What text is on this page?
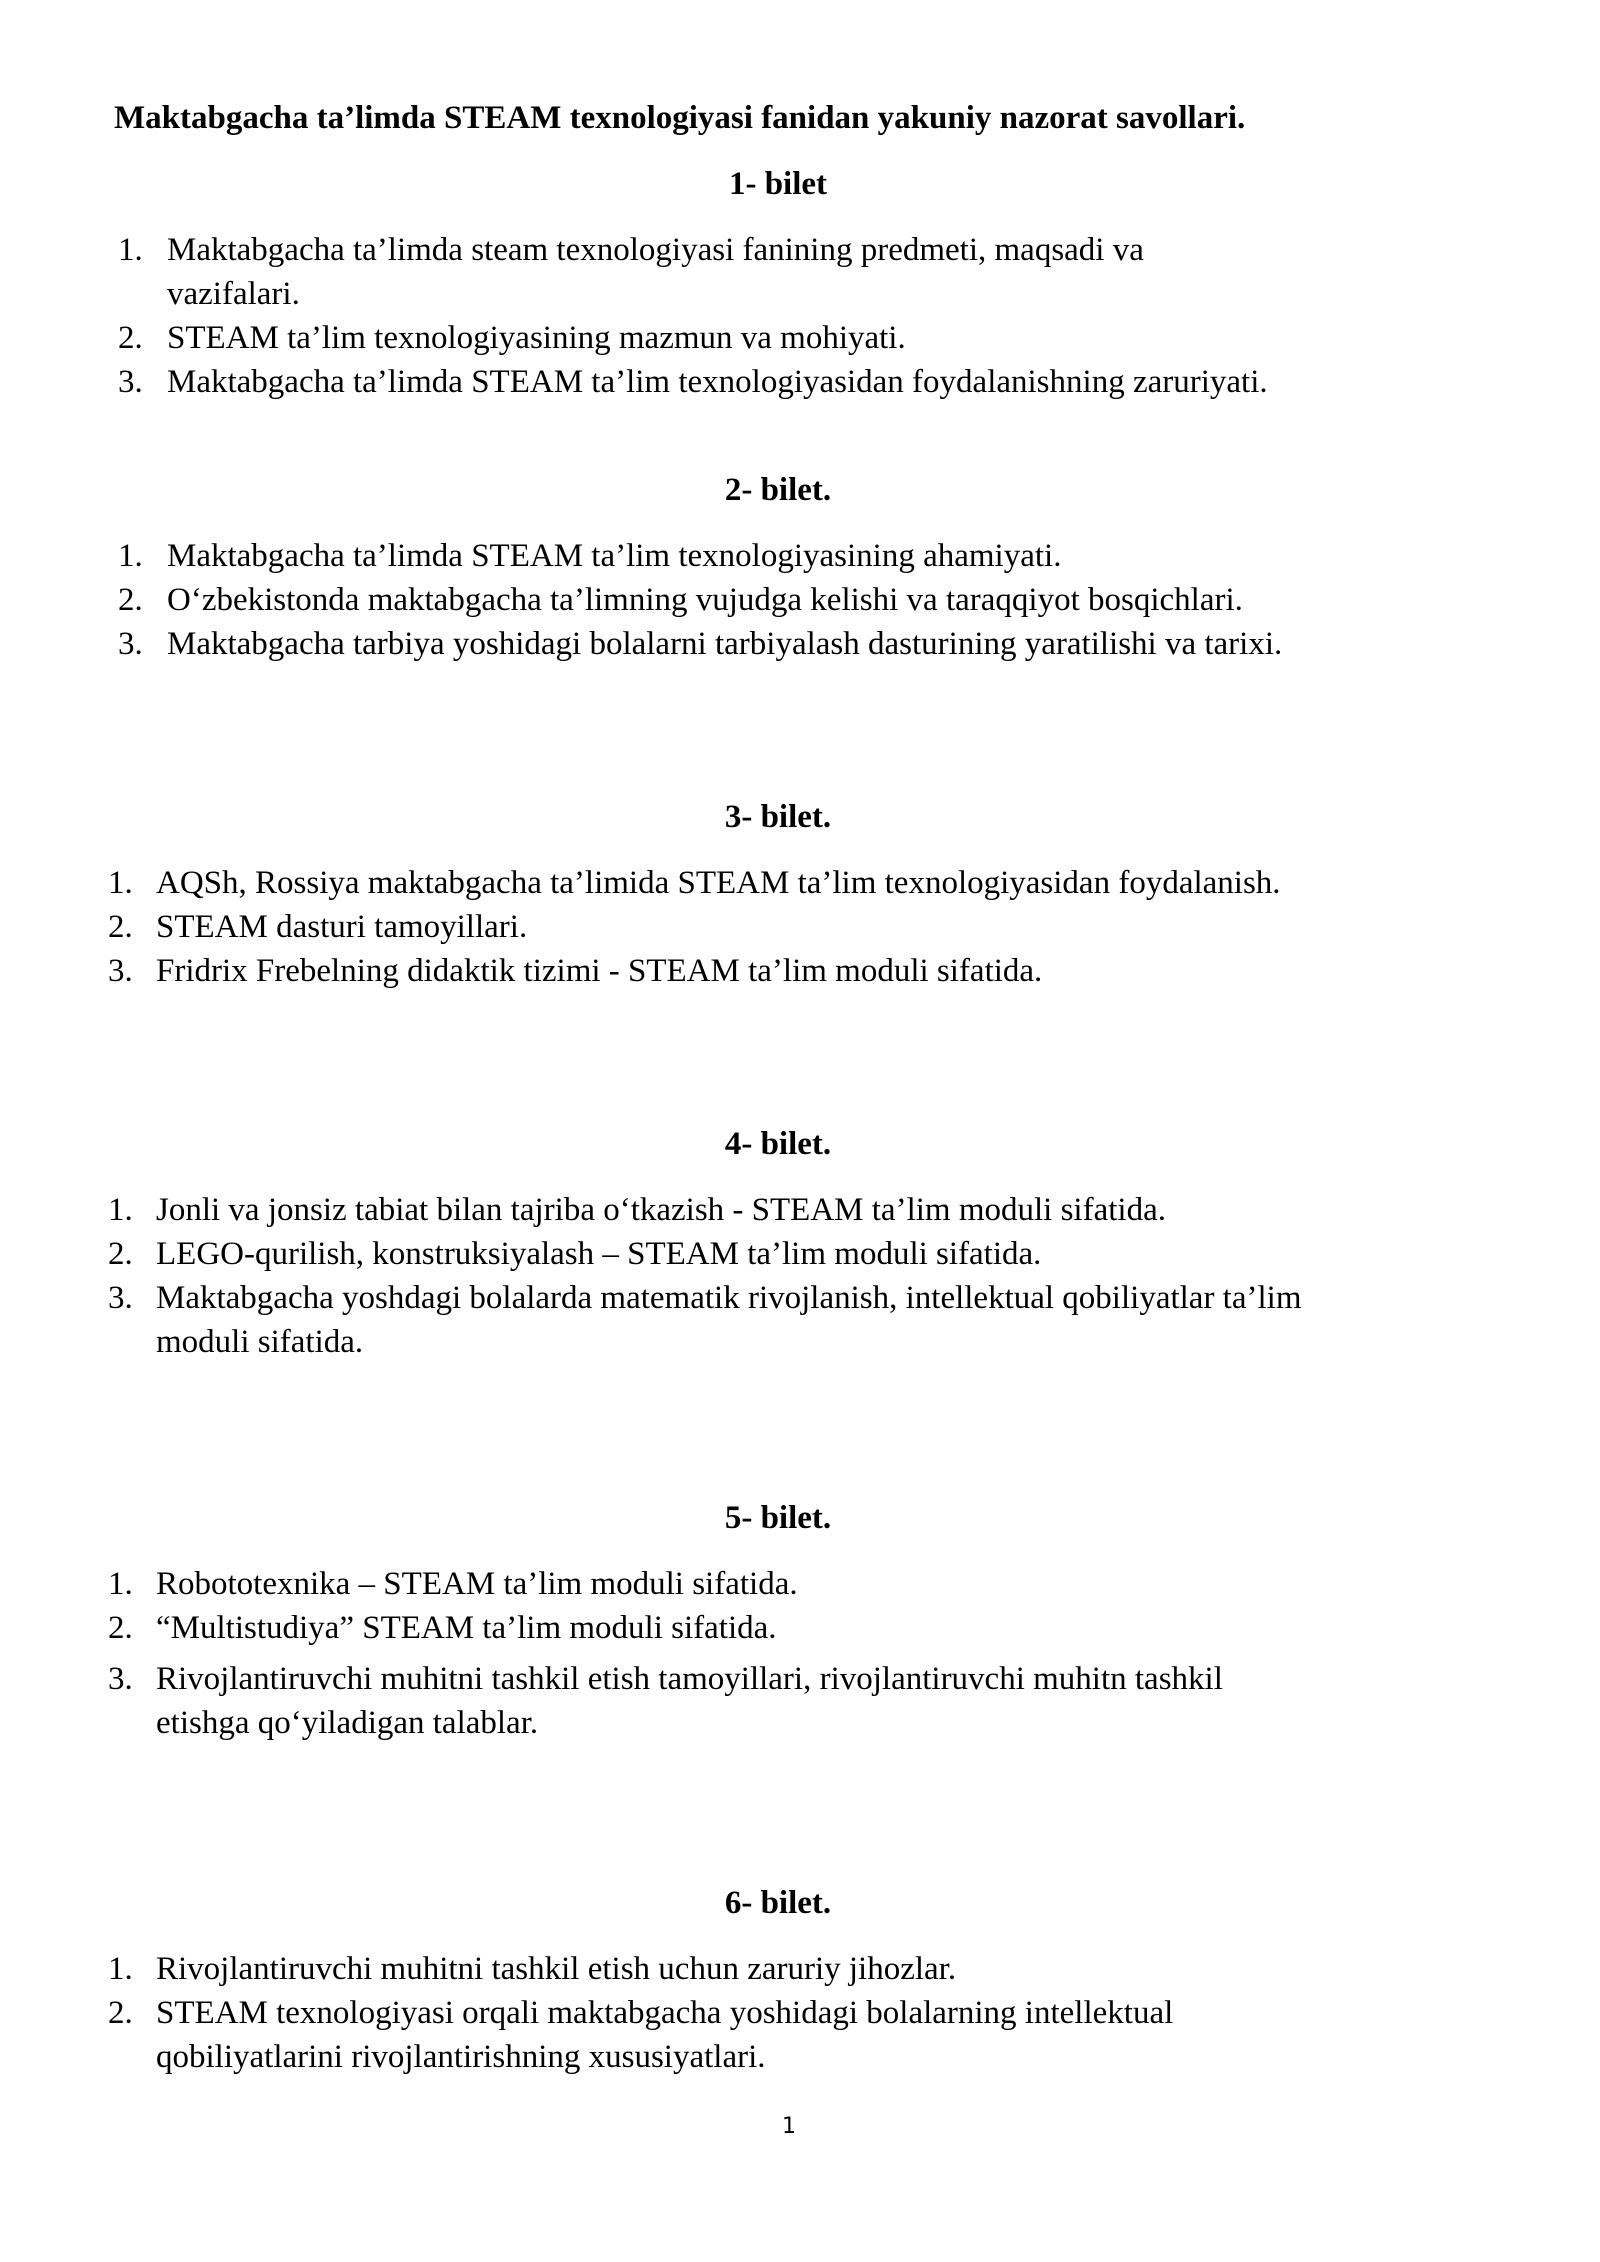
Maktabgacha ta’limda STEAM texnologiyasi fanidan yakuniy nazorat savollari.
1- bilet
1. Maktabgacha ta’limda steam texnologiyasi fanining predmeti, maqsadi va
vazifalari.
2. STEAM ta’lim texnologiyasining mazmun va mohiyati.
3. Maktabgacha ta’limda STEAM ta’lim texnologiyasidan foydalanishning zaruriyati.
2- bilet.
1. Maktabgacha ta’limda STEAM ta’lim texnologiyasining ahamiyati.
2. O‘zbekistonda maktabgacha ta’limning vujudga kelishi va taraqqiyot bosqichlari.
3. Maktabgacha tarbiya yoshidagi bolalarni tarbiyalash dasturining yaratilishi va tarixi.
3- bilet.
1. AQSh, Rossiya maktabgacha ta’limida STEAM ta’lim texnologiyasidan foydalanish.
2. STEAM dasturi tamoyillari.
3. Fridrix Frebelning didaktik tizimi - STEAM ta’lim moduli sifatida.
4- bilet.
1. Jonli va jonsiz tabiat bilan tajriba o‘tkazish - STEAM ta’lim moduli sifatida.
2. LEGO-qurilish, konstruksiyalash – STEAM ta’lim moduli sifatida.
3. Maktabgacha yoshdagi bolalarda matematik rivojlanish, intellektual qobiliyatlar ta’lim
moduli sifatida.
5- bilet.
1. Robototexnika – STEAM ta’lim moduli sifatida.
2. “Multistudiya” STEAM ta’lim moduli sifatida.
3. Rivojlantiruvchi muhitni tashkil etish tamoyillari, rivojlantiruvchi muhitn tashkil
etishga qo‘yiladigan talablar.
6- bilet.
1. Rivojlantiruvchi muhitni tashkil etish uchun zaruriy jihozlar.
2. STEAM texnologiyasi orqali maktabgacha yoshidagi bolalarning intellektual
qobiliyatlarini rivojlantirishning xususiyatlari.
1
